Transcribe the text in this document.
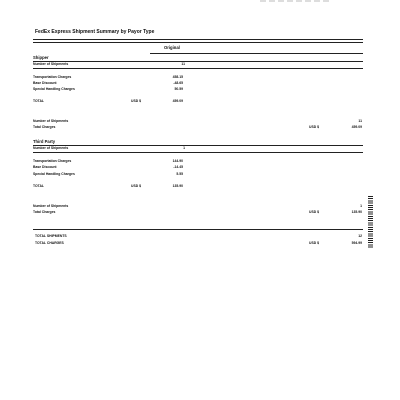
FedEx Express Shipment Summary by Payor Type
Original
Shipper
Number of Shipments	11
Transportation Charges	458.15
Base Discount	-48.65
Special Handling Charges	50.59
TOTAL	USD $	459.09
Number of Shipments	11
Total Charges	USD $	459.09
Third Party
Number of Shipments	1
Transportation Charges	144.90
Base Discount	-14.45
Special Handling Charges	5.55
TOTAL	USD $	135.90
Number of Shipments	1
Total Charges	USD $	135.90
TOTAL SHIPMENTS	12
TOTAL CHARGES	USD $	594.99
